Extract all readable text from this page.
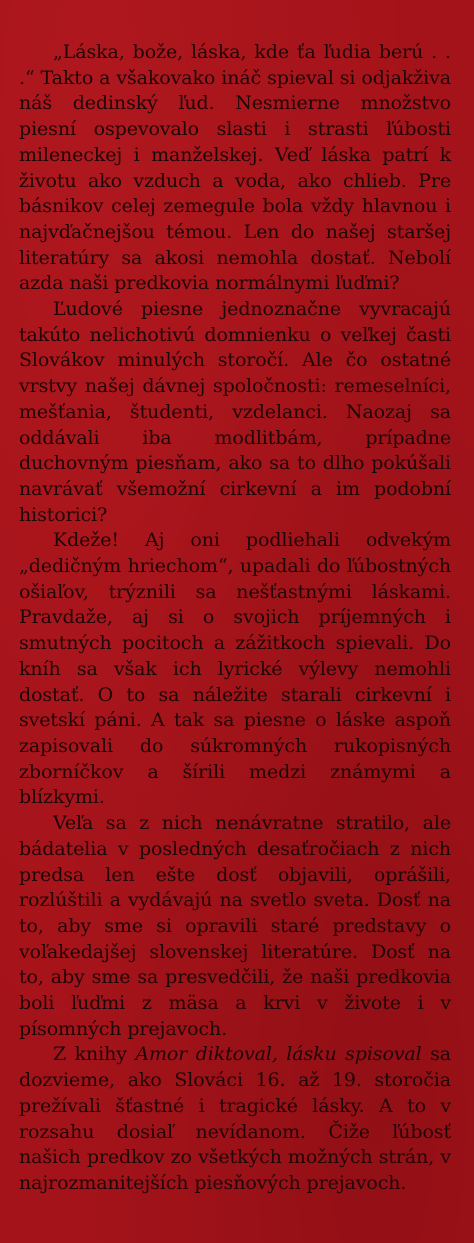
„Láska, bože, láska, kde ťa ľudia berú . . .“ Takto a všakovako ináč spieval si odjakživa náš dedinský ľud. Nesmierne množstvo piesní ospevovalo slasti i strasti ľúbosti mileneckej i manželskej. Veď láska patrí k životu ako vzduch a voda, ako chlieb. Pre básnikov celej zemegule bola vždy hlavnou i najvďačnejšou témou. Len do našej staršej literatúry sa akosi nemohla dostať. Nebolí azda naši predkovia normálnymi ľuďmi?

Ľudové piesne jednoznačne vyvracajú takúto nelichotivú domnienku o veľkej časti Slovákov minulých storočí. Ale čo ostatné vrstvy našej dávnej spoločnosti: remeselníci, mešťania, študenti, vzdelanci. Naozaj sa oddávali iba modlitbám, prípadne duchovným piesňam, ako sa to dlho pokúšali navrávať všemožní cirkevní a im podobní historici?

Kdeže! Aj oni podliehali odvekým „dedičným hriechom“, upadali do ľúbostných ošiaľov, trýznili sa nešťastnými láskami. Pravdaže, aj si o svojich príjemných i smutných pocitoch a zážitkoch spievali. Do kníh sa však ich lyrické výlevy nemohli dostať. O to sa náležite starali cirkevní i svetskí páni. A tak sa piesne o láske aspoň zapisovali do súkromných rukopisných zborníčkov a šírili medzi známymi a blízkymi.

Veľa sa z nich nenávratne stratilo, ale bádatelia v posledných desaťročiach z nich predsa len ešte dosť objavili, oprášili, rozlúštili a vydávajú na svetlo sveta. Dosť na to, aby sme si opravili staré predstavy o voľakedajšej slovenskej literatúre. Dosť na to, aby sme sa presvedčili, že naši predkovia boli ľuďmi z mäsa a krvi v živote i v písomných prejavoch.

Z knihy Amor diktoval, lásku spisoval sa dozvieme, ako Slováci 16. až 19. storočia prežívali šťastné i tragické lásky. A to v rozsahu dosiaľ nevídanom. Čiže ľúbosť našich predkov zo všetkých možných strán, v najrozmanitejších piesňových prejavoch.
